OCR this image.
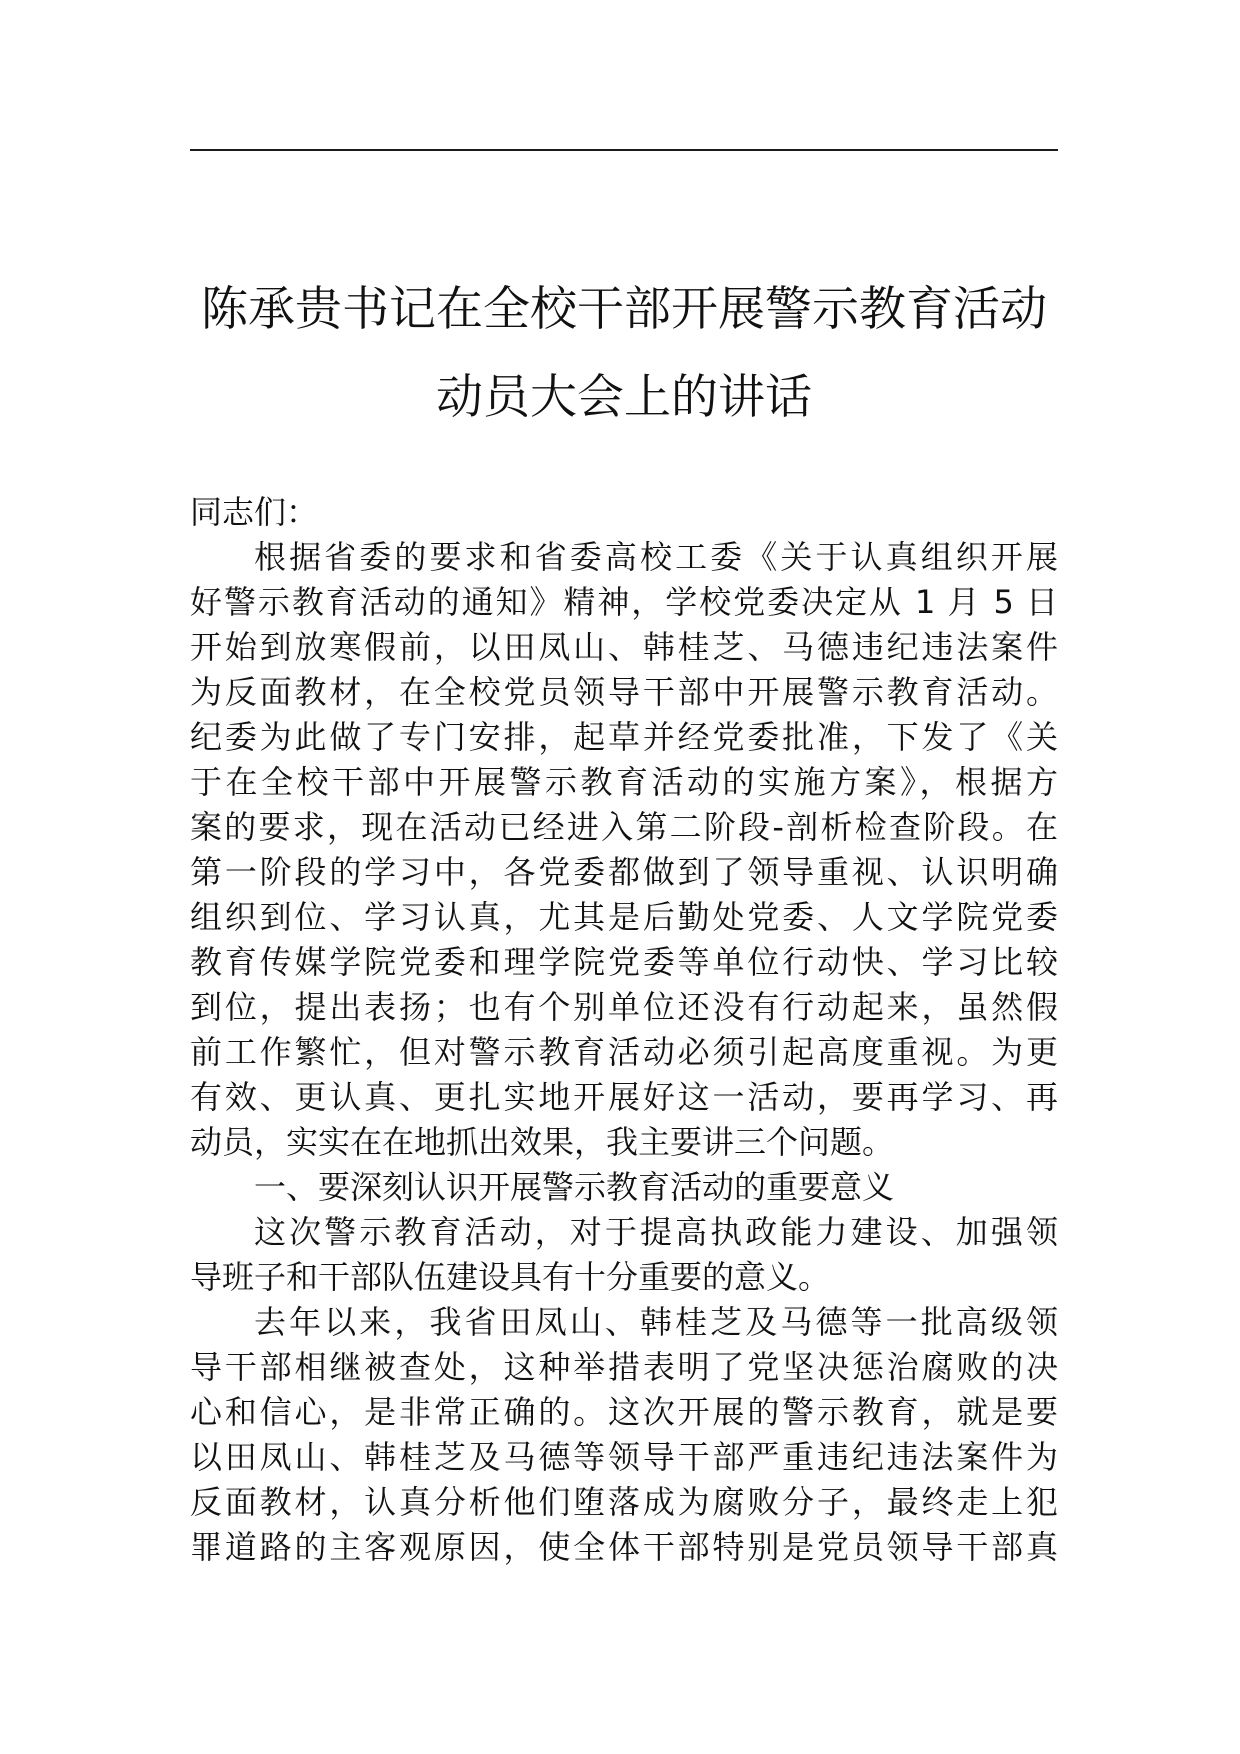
陈承贵书记在全校干部开展警示教育活动
动员大会上的讲话
同志们：
根据省委的要求和省委高校工委《关于认真组织开展
好警示教育活动的通知》精神，学校党委决定从 1 月 5 日
开始到放寒假前，以田凤山、韩桂芝、马德违纪违法案件
为反面教材，在全校党员领导干部中开展警示教育活动。
纪委为此做了专门安排，起草并经党委批准，下发了《关
于在全校干部中开展警示教育活动的实施方案》，根据方
案的要求，现在活动已经进入第二阶段-剖析检查阶段。在
第一阶段的学习中，各党委都做到了领导重视、认识明确
组织到位、学习认真，尤其是后勤处党委、人文学院党委
教育传媒学院党委和理学院党委等单位行动快、学习比较
到位，提出表扬；也有个别单位还没有行动起来，虽然假
前工作繁忙，但对警示教育活动必须引起高度重视。为更
有效、更认真、更扎实地开展好这一活动，要再学习、再
动员，实实在在地抓出效果，我主要讲三个问题。
一、要深刻认识开展警示教育活动的重要意义
这次警示教育活动，对于提高执政能力建设、加强领
导班子和干部队伍建设具有十分重要的意义。
去年以来，我省田凤山、韩桂芝及马德等一批高级领
导干部相继被查处，这种举措表明了党坚决惩治腐败的决
心和信心，是非常正确的。这次开展的警示教育，就是要
以田凤山、韩桂芝及马德等领导干部严重违纪违法案件为
反面教材，认真分析他们堕落成为腐败分子，最终走上犯
罪道路的主客观原因，使全体干部特别是党员领导干部真
